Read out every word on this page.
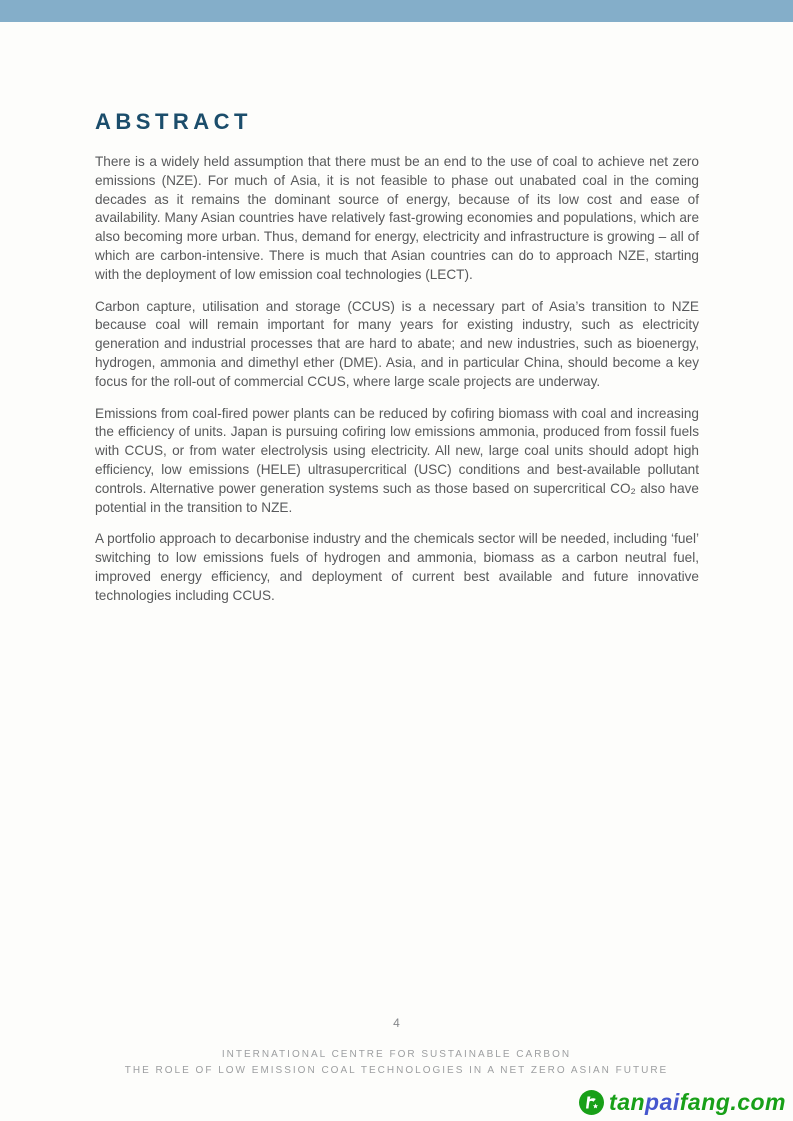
ABSTRACT

There is a widely held assumption that there must be an end to the use of coal to achieve net zero emissions (NZE). For much of Asia, it is not feasible to phase out unabated coal in the coming decades as it remains the dominant source of energy, because of its low cost and ease of availability. Many Asian countries have relatively fast-growing economies and populations, which are also becoming more urban. Thus, demand for energy, electricity and infrastructure is growing – all of which are carbon-intensive. There is much that Asian countries can do to approach NZE, starting with the deployment of low emission coal technologies (LECT).

Carbon capture, utilisation and storage (CCUS) is a necessary part of Asia’s transition to NZE because coal will remain important for many years for existing industry, such as electricity generation and industrial processes that are hard to abate; and new industries, such as bioenergy, hydrogen, ammonia and dimethyl ether (DME). Asia, and in particular China, should become a key focus for the roll-out of commercial CCUS, where large scale projects are underway.

Emissions from coal-fired power plants can be reduced by cofiring biomass with coal and increasing the efficiency of units. Japan is pursuing cofiring low emissions ammonia, produced from fossil fuels with CCUS, or from water electrolysis using electricity. All new, large coal units should adopt high efficiency, low emissions (HELE) ultrasupercritical (USC) conditions and best-available pollutant controls. Alternative power generation systems such as those based on supercritical CO₂ also have potential in the transition to NZE.

A portfolio approach to decarbonise industry and the chemicals sector will be needed, including ‘fuel’ switching to low emissions fuels of hydrogen and ammonia, biomass as a carbon neutral fuel, improved energy efficiency, and deployment of current best available and future innovative technologies including CCUS.

4
INTERNATIONAL CENTRE FOR SUSTAINABLE CARBON
THE ROLE OF LOW EMISSION COAL TECHNOLOGIES IN A NET ZERO ASIAN FUTURE
tanpaifang.com
